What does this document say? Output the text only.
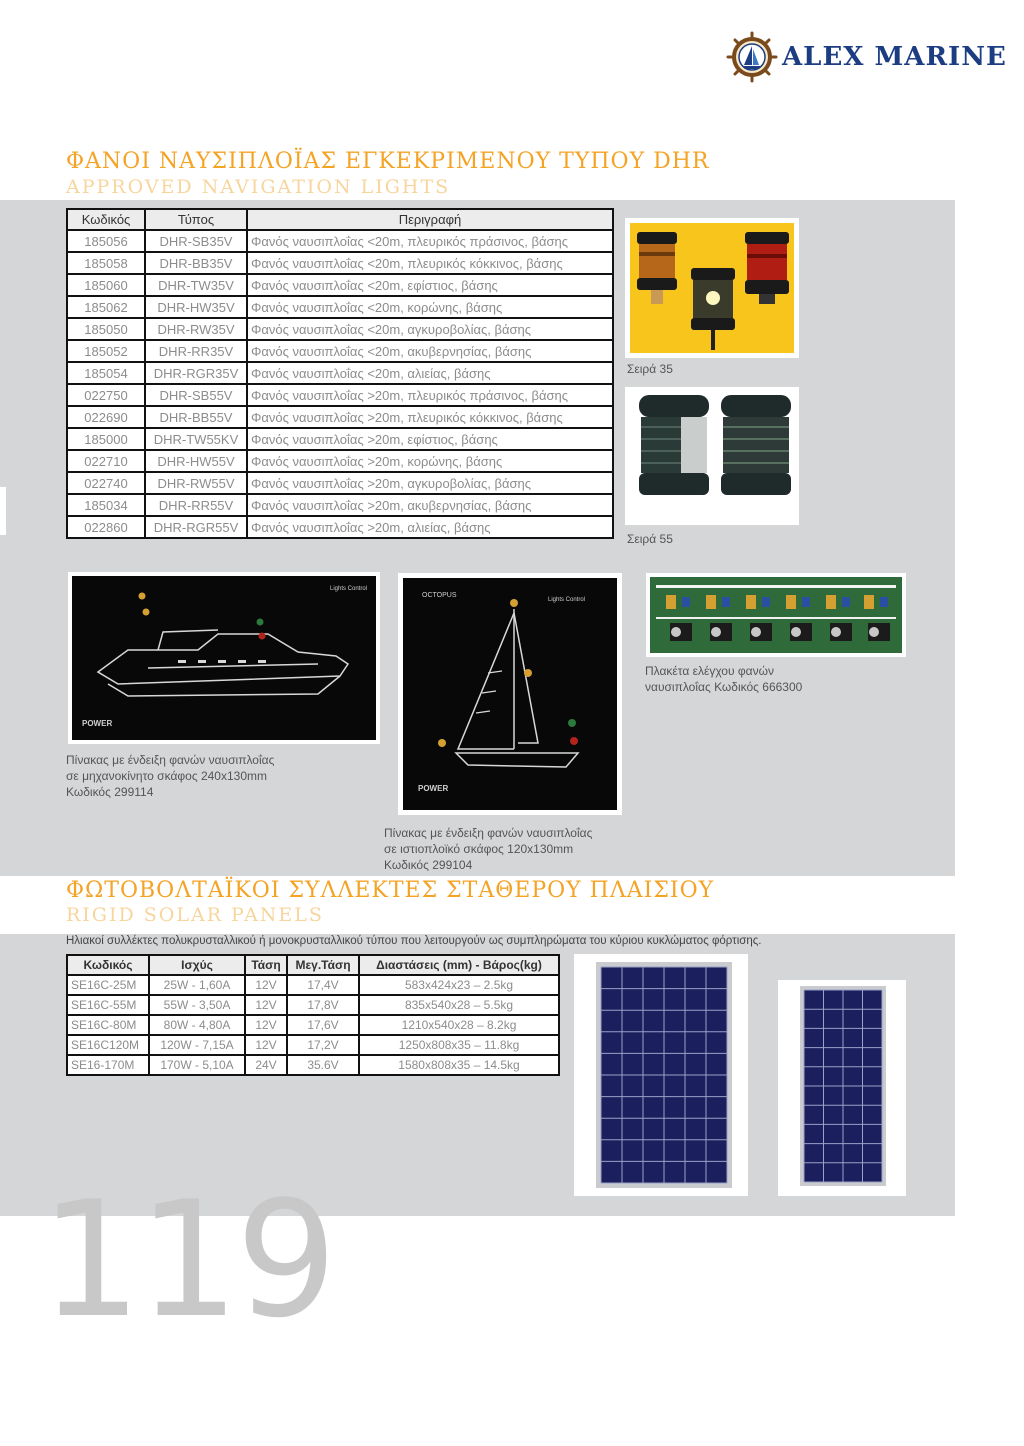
ALEX MARINE
ΦΑΝΟΙ ΝΑΥΣΙΠΛΟΪΑΣ ΕΓΚΕΚΡΙΜΕΝΟΥ ΤΥΠΟΥ DHR
APPROVED NAVIGATION LIGHTS
Κωδικός	Τύπος	Περιγραφή
185056	DHR-SB35V	Φανός ναυσιπλοΐας <20m, πλευρικός πράσινος, βάσης
185058	DHR-BB35V	Φανός ναυσιπλοΐας <20m, πλευρικός κόκκινος, βάσης
185060	DHR-TW35V	Φανός ναυσιπλοΐας <20m, εφίστιος, βάσης
185062	DHR-HW35V	Φανός ναυσιπλοΐας <20m, κορώνης, βάσης
185050	DHR-RW35V	Φανός ναυσιπλοΐας <20m, αγκυροβολίας, βάσης
185052	DHR-RR35V	Φανός ναυσιπλοΐας <20m, ακυβερνησίας, βάσης
185054	DHR-RGR35V	Φανός ναυσιπλοΐας <20m, αλιείας, βάσης
022750	DHR-SB55V	Φανός ναυσιπλοΐας >20m, πλευρικός πράσινος, βάσης
022690	DHR-BB55V	Φανός ναυσιπλοΐας >20m, πλευρικός κόκκινος, βάσης
185000	DHR-TW55KV	Φανός ναυσιπλοΐας >20m, εφίστιος, βάσης
022710	DHR-HW55V	Φανός ναυσιπλοΐας >20m, κορώνης, βάσης
022740	DHR-RW55V	Φανός ναυσιπλοΐας >20m, αγκυροβολίας, βάσης
185034	DHR-RR55V	Φανός ναυσιπλοΐας >20m, ακυβερνησίας, βάσης
022860	DHR-RGR55V	Φανός ναυσιπλοΐας >20m, αλιείας, βάσης
Σειρά 35
Σειρά 55
Lights Control
POWER
Πίνακας με ένδειξη φανών ναυσιπλοΐας
σε μηχανοκίνητο σκάφος 240x130mm
Κωδικός 299114
OCTOPUS
Lights Control
POWER
Πίνακας με ένδειξη φανών ναυσιπλοΐας
σε ιστιοπλοϊκό σκάφος 120x130mm
Κωδικός 299104
Πλακέτα ελέγχου φανών
ναυσιπλοΐας Κωδικός 666300
ΦΩΤΟΒΟΛΤΑΪΚΟΙ ΣΥΛΛΕΚΤΕΣ ΣΤΑΘΕΡΟΥ ΠΛΑΙΣΙΟΥ
RIGID SOLAR PANELS
Ηλιακοί συλλέκτες πολυκρυσταλλικού ή μονοκρυσταλλικού τύπου που λειτουργούν ως συμπληρώματα του κύριου κυκλώματος φόρτισης.
Κωδικός	Ισχύς	Τάση	Μεγ.Τάση	Διαστάσεις (mm) - Βάρος(kg)
SE16C-25M	25W - 1,60A	12V	17,4V	583x424x23 – 2.5kg
SE16C-55M	55W - 3,50A	12V	17,8V	835x540x28 – 5.5kg
SE16C-80M	80W - 4,80A	12V	17,6V	1210x540x28 – 8.2kg
SE16C120M	120W - 7,15A	12V	17,2V	1250x808x35 – 11.8kg
SE16-170M	170W - 5,10A	24V	35.6V	1580x808x35 – 14.5kg
119
